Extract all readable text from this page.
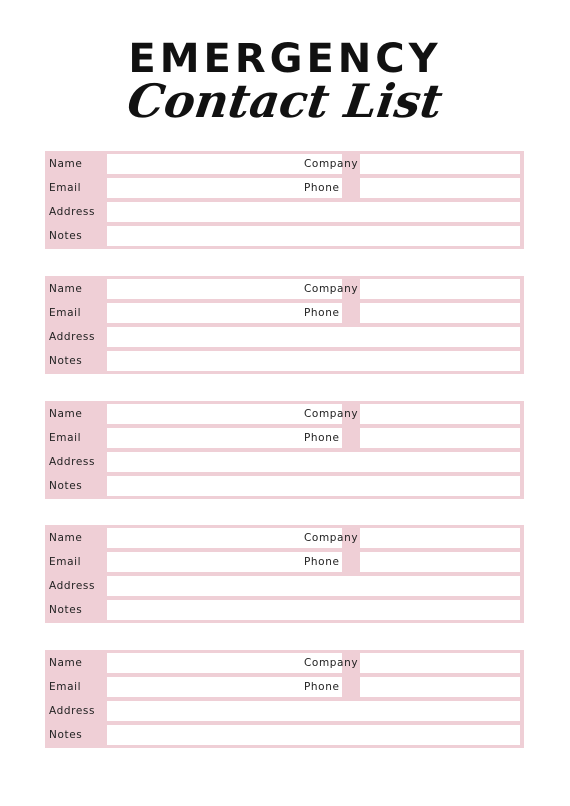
EMERGENCY
Contact List
Name	Company
Email	Phone
Address
Notes
Name	Company
Email	Phone
Address
Notes
Name	Company
Email	Phone
Address
Notes
Name	Company
Email	Phone
Address
Notes
Name	Company
Email	Phone
Address
Notes
